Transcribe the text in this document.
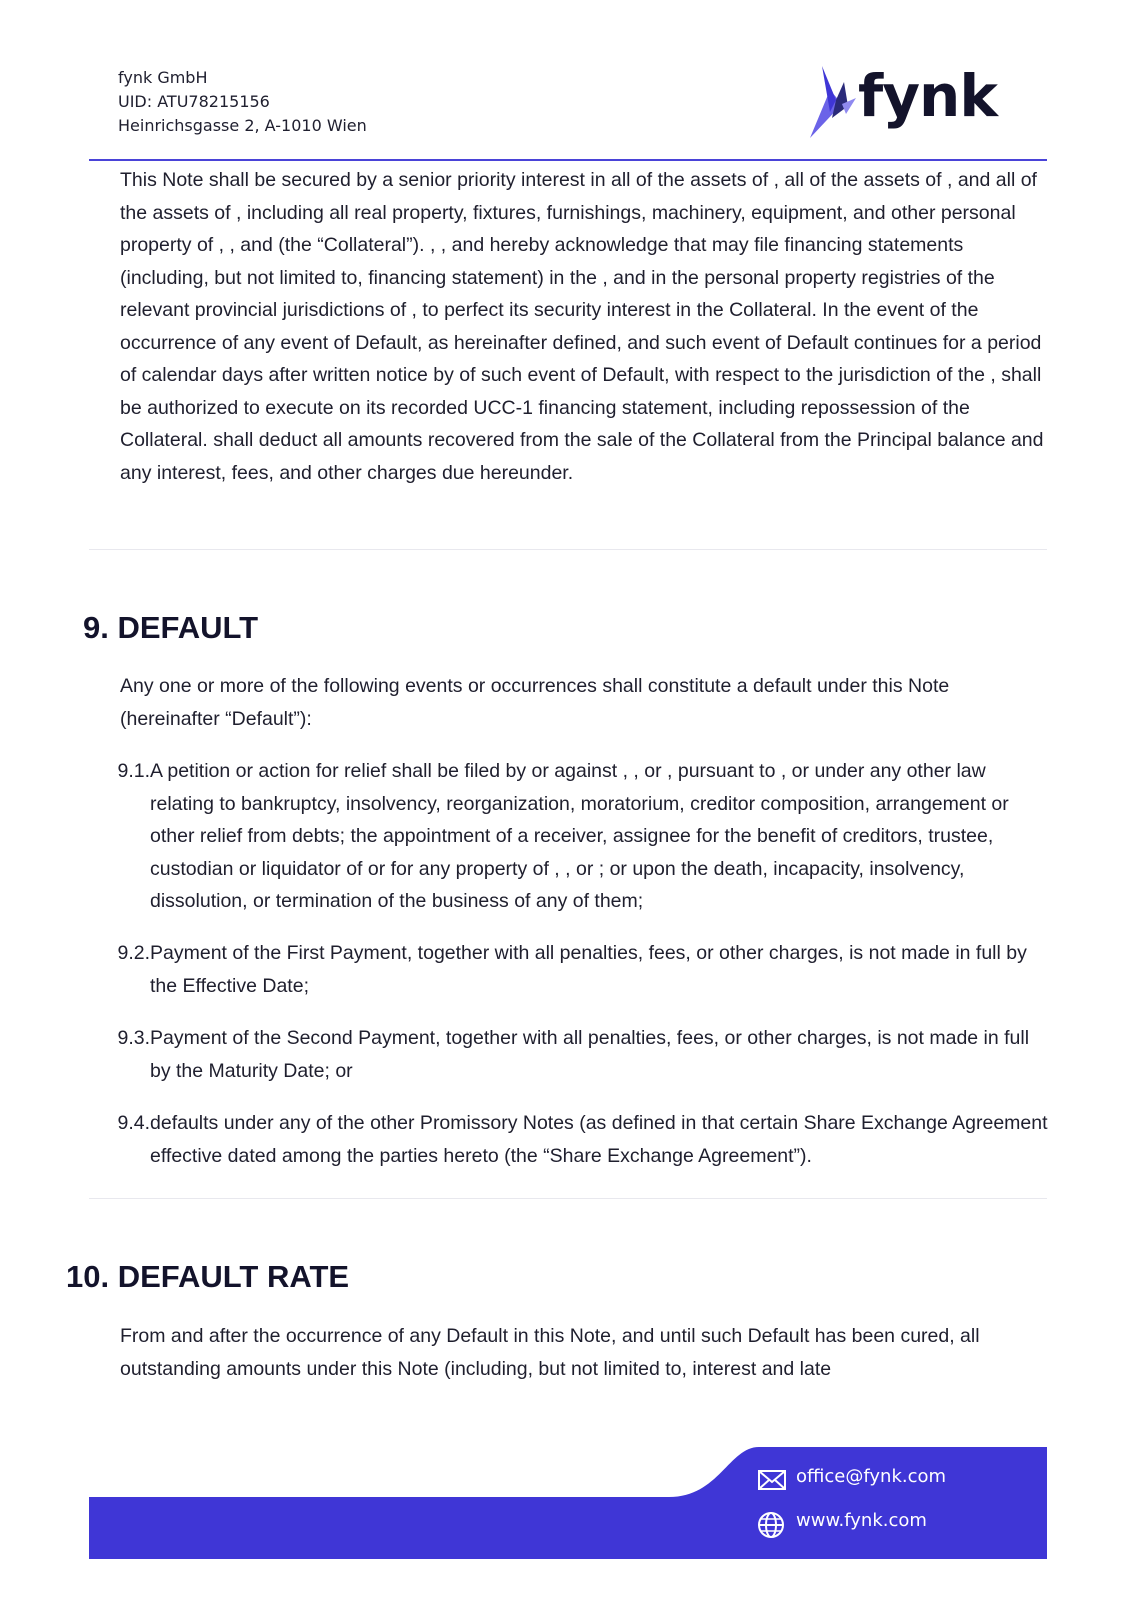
fynk GmbH
UID: ATU78215156
Heinrichsgasse 2, A-1010 Wien	fynk
This Note shall be secured by a senior priority interest in all of the assets of , all of the assets of , and all of the assets of , including all real property, fixtures, furnishings, machinery, equipment, and other personal property of , , and (the “Collateral”). , , and hereby acknowledge that may file financing statements (including, but not limited to, financing statement) in the , and in the personal property registries of the relevant provincial jurisdictions of , to perfect its security interest in the Collateral. In the event of the occurrence of any event of Default, as hereinafter defined, and such event of Default continues for a period of calendar days after written notice by of such event of Default, with respect to the jurisdiction of the , shall be authorized to execute on its recorded UCC-1 financing statement, including repossession of the Collateral. shall deduct all amounts recovered from the sale of the Collateral from the Principal balance and any interest, fees, and other charges due hereunder.
9. DEFAULT
Any one or more of the following events or occurrences shall constitute a default under this Note (hereinafter “Default”):
9.1. A petition or action for relief shall be filed by or against , , or , pursuant to , or under any other law relating to bankruptcy, insolvency, reorganization, moratorium, creditor composition, arrangement or other relief from debts; the appointment of a receiver, assignee for the benefit of creditors, trustee, custodian or liquidator of or for any property of , , or ; or upon the death, incapacity, insolvency, dissolution, or termination of the business of any of them;
9.2. Payment of the First Payment, together with all penalties, fees, or other charges, is not made in full by the Effective Date;
9.3. Payment of the Second Payment, together with all penalties, fees, or other charges, is not made in full by the Maturity Date; or
9.4. defaults under any of the other Promissory Notes (as defined in that certain Share Exchange Agreement effective dated among the parties hereto (the “Share Exchange Agreement”).
10. DEFAULT RATE
From and after the occurrence of any Default in this Note, and until such Default has been cured, all outstanding amounts under this Note (including, but not limited to, interest and late
office@fynk.com
www.fynk.com
